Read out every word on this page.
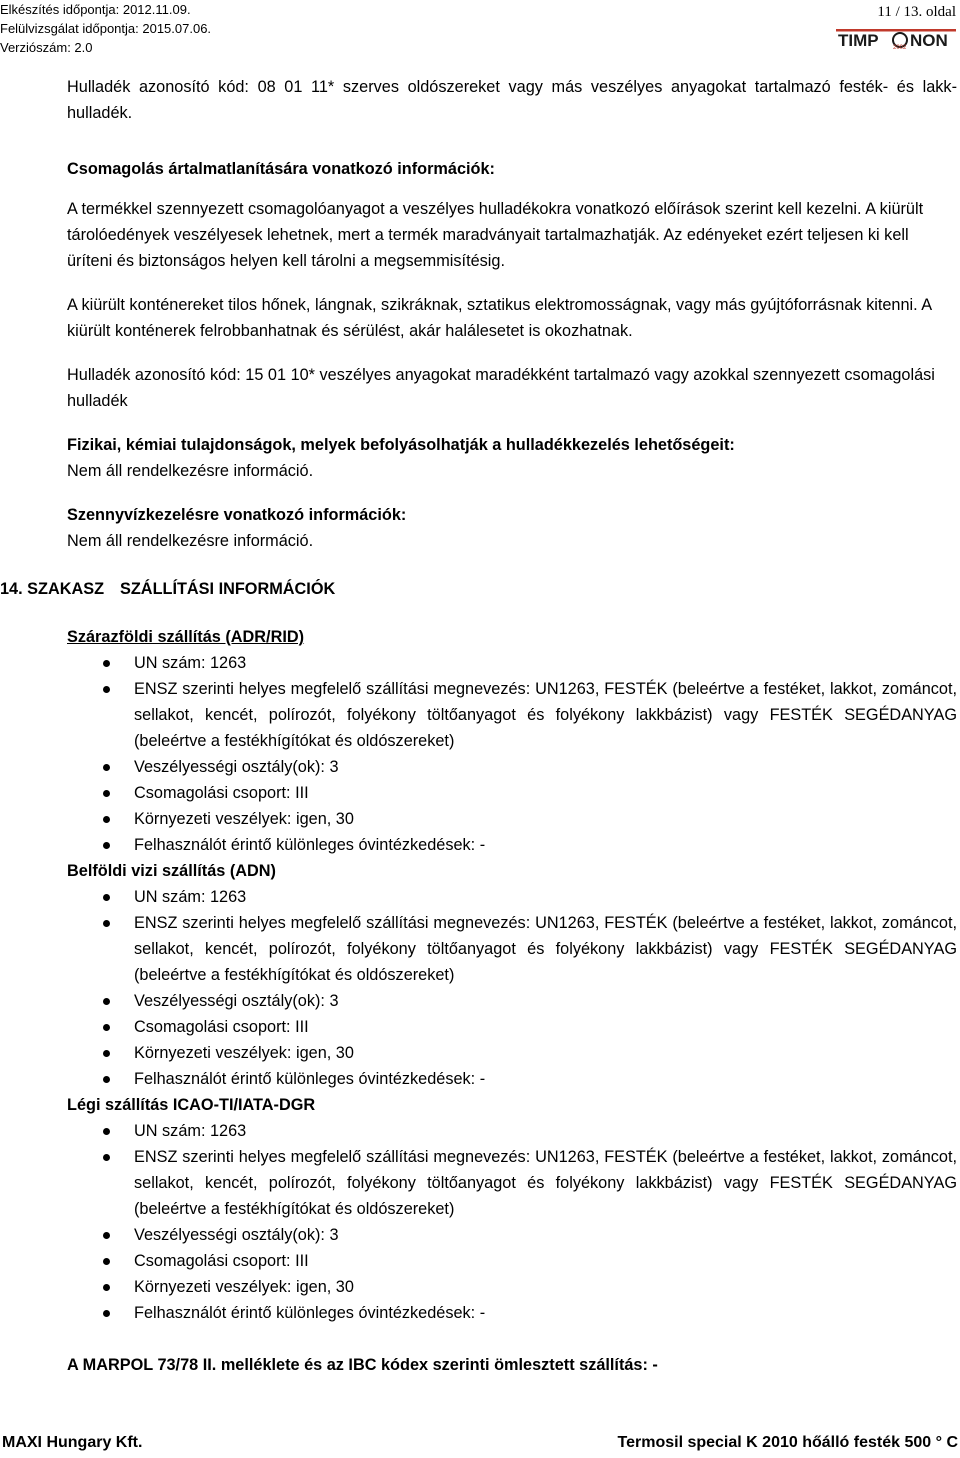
Elkészítés időpontja: 2012.11.09.
Felülvizsgálat időpontja: 2015.07.06.
Verziószám: 2.0
11 / 13. oldal
TIMP 2002 NON

Hulladék azonosító kód: 08 01 11* szerves oldószereket vagy más veszélyes anyagokat tartalmazó festék- és lakk-hulladék.

Csomagolás ártalmatlanítására vonatkozó információk:

A termékkel szennyezett csomagolóanyagot a veszélyes hulladékokra vonatkozó előírások szerint kell kezelni. A kiürült tárolóedények veszélyesek lehetnek, mert a termék maradványait tartalmazhatják. Az edényeket ezért teljesen ki kell üríteni és biztonságos helyen kell tárolni a megsemmisítésig.

A kiürült konténereket tilos hőnek, lángnak, szikráknak, sztatikus elektromosságnak, vagy más gyújtóforrásnak kitenni. A kiürült konténerek felrobbanhatnak és sérülést, akár halálesetet is okozhatnak.

Hulladék azonosító kód: 15 01 10* veszélyes anyagokat maradékként tartalmazó vagy azokkal szennyezett csomagolási hulladék

Fizikai, kémiai tulajdonságok, melyek befolyásolhatják a hulladékkezelés lehetőségeit:

Nem áll rendelkezésre információ.

Szennyvízkezelésre vonatkozó információk:

Nem áll rendelkezésre információ.

14. SZAKASZ SZÁLLÍTÁSI INFORMÁCIÓK

Szárazföldi szállítás (ADR/RID)

UN szám: 1263
ENSZ szerinti helyes megfelelő szállítási megnevezés: UN1263, FESTÉK (beleértve a festéket, lakkot, zománcot, sellakot, kencét, polírozót, folyékony töltőanyagot és folyékony lakkbázist) vagy FESTÉK SEGÉDANYAG (beleértve a festékhígítókat és oldószereket)
Veszélyességi osztály(ok): 3
Csomagolási csoport: III
Környezeti veszélyek: igen, 30
Felhasználót érintő különleges óvintézkedések: -

Belföldi vizi szállítás (ADN)

UN szám: 1263
ENSZ szerinti helyes megfelelő szállítási megnevezés: UN1263, FESTÉK (beleértve a festéket, lakkot, zománcot, sellakot, kencét, polírozót, folyékony töltőanyagot és folyékony lakkbázist) vagy FESTÉK SEGÉDANYAG (beleértve a festékhígítókat és oldószereket)
Veszélyességi osztály(ok): 3
Csomagolási csoport: III
Környezeti veszélyek: igen, 30
Felhasználót érintő különleges óvintézkedések: -

Légi szállítás ICAO-TI/IATA-DGR

UN szám: 1263
ENSZ szerinti helyes megfelelő szállítási megnevezés: UN1263, FESTÉK (beleértve a festéket, lakkot, zománcot, sellakot, kencét, polírozót, folyékony töltőanyagot és folyékony lakkbázist) vagy FESTÉK SEGÉDANYAG (beleértve a festékhígítókat és oldószereket)
Veszélyességi osztály(ok): 3
Csomagolási csoport: III
Környezeti veszélyek: igen, 30
Felhasználót érintő különleges óvintézkedések: -

A MARPOL 73/78 II. melléklete és az IBC kódex szerinti ömlesztett szállítás: -

MAXI Hungary Kft.	Termosil special K 2010 hőálló festék 500 ° C
